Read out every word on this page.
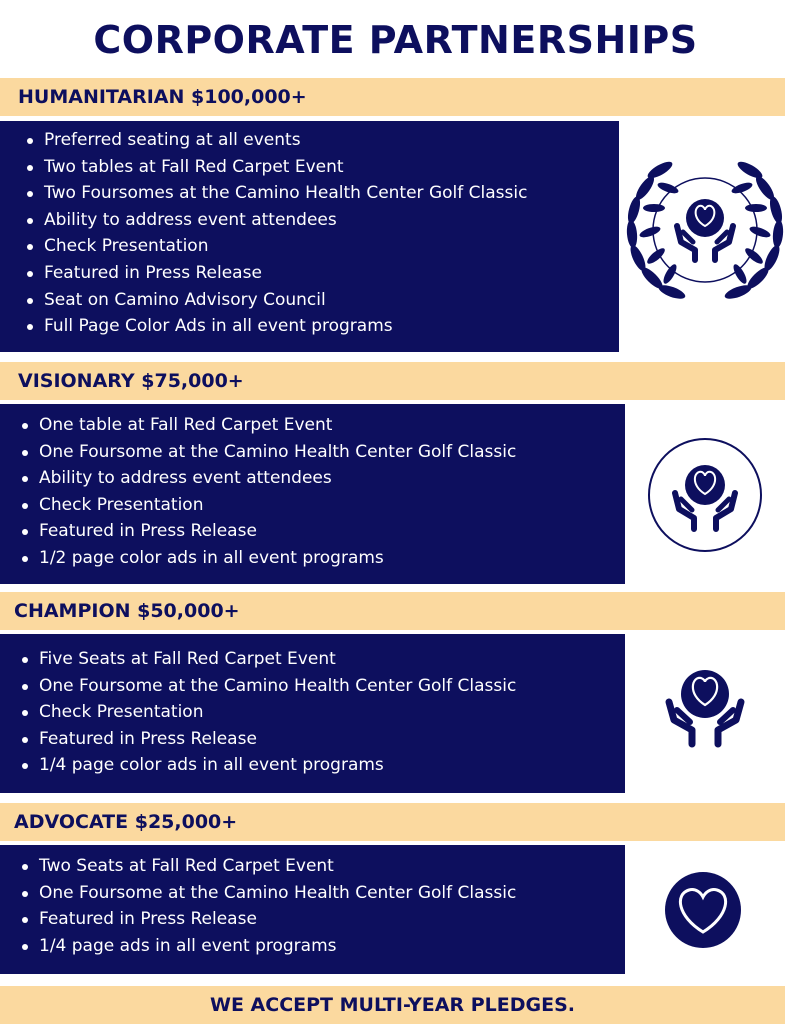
CORPORATE PARTNERSHIPS
HUMANITARIAN $100,000+
Preferred seating at all events
Two tables at Fall Red Carpet Event
Two Foursomes at the Camino Health Center Golf Classic
Ability to address event attendees
Check Presentation
Featured in Press Release
Seat on Camino Advisory Council
Full Page Color Ads in all event programs
VISIONARY $75,000+
One table at Fall Red Carpet Event
One Foursome at the Camino Health Center Golf Classic
Ability to address event attendees
Check Presentation
Featured in Press Release
1/2 page color ads in all event programs
CHAMPION $50,000+
Five Seats at Fall Red Carpet Event
One Foursome at the Camino Health Center Golf Classic
Check Presentation
Featured in Press Release
1/4 page color ads in all event programs
ADVOCATE $25,000+
Two Seats at Fall Red Carpet Event
One Foursome at the Camino Health Center Golf Classic
Featured in Press Release
1/4 page ads in all event programs
WE ACCEPT MULTI-YEAR PLEDGES.
